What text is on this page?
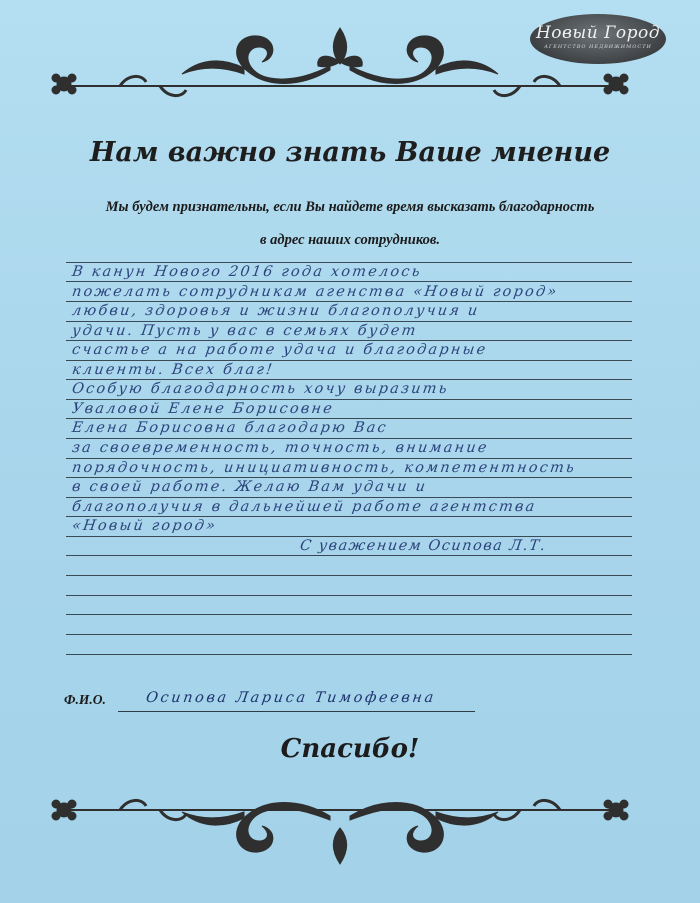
Новый Город
АГЕНТСТВО НЕДВИЖИМОСТИ
Нам важно знать Ваше мнение
Мы будем признательны, если Вы найдете время высказать благодарность
в адрес наших сотрудников.
В канун Нового 2016 года хотелось
пожелать сотрудникам агенства «Новый город»
любви, здоровья и жизни благополучия и
удачи. Пусть у вас в семьях будет
счастье а на работе удача и благодарные
клиенты. Всех благ!
Особую благодарность хочу выразить
Уваловой Елене Борисовне
Елена Борисовна благодарю Вас
за своевременность, точность, внимание
порядочность, инициативность, компетентность
в своей работе. Желаю Вам удачи и
благополучия в дальнейшей работе агентства
«Новый город»
С уважением Осипова Л.Т.
Ф.И.О.	Осипова Лариса Тимофеевна
Спасибо!
